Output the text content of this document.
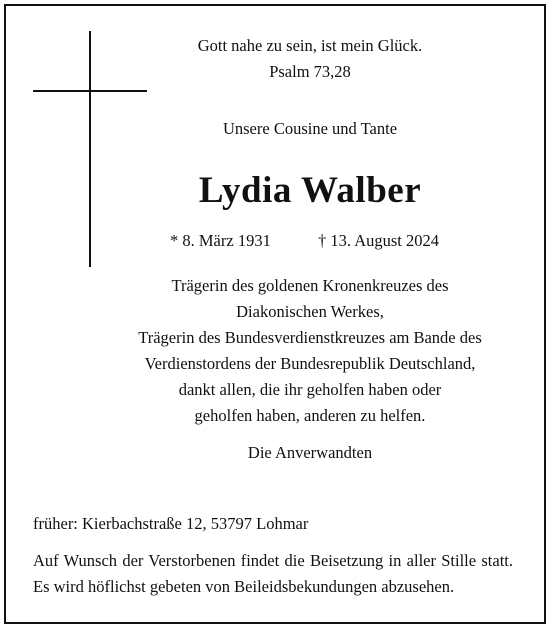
Gott nahe zu sein, ist mein Glück.
Psalm 73,28
Unsere Cousine und Tante
Lydia Walber
* 8. März 1931	† 13. August 2024
Trägerin des goldenen Kronenkreuzes des
Diakonischen Werkes,
Trägerin des Bundesverdienstkreuzes am Bande des
Verdienstordens der Bundesrepublik Deutschland,
dankt allen, die ihr geholfen haben oder
geholfen haben, anderen zu helfen.
Die Anverwandten
früher: Kierbachstraße 12, 53797 Lohmar
Auf Wunsch der Verstorbenen findet die Beisetzung in aller Stille statt.
Es wird höflichst gebeten von Beileidsbekundungen abzusehen.
